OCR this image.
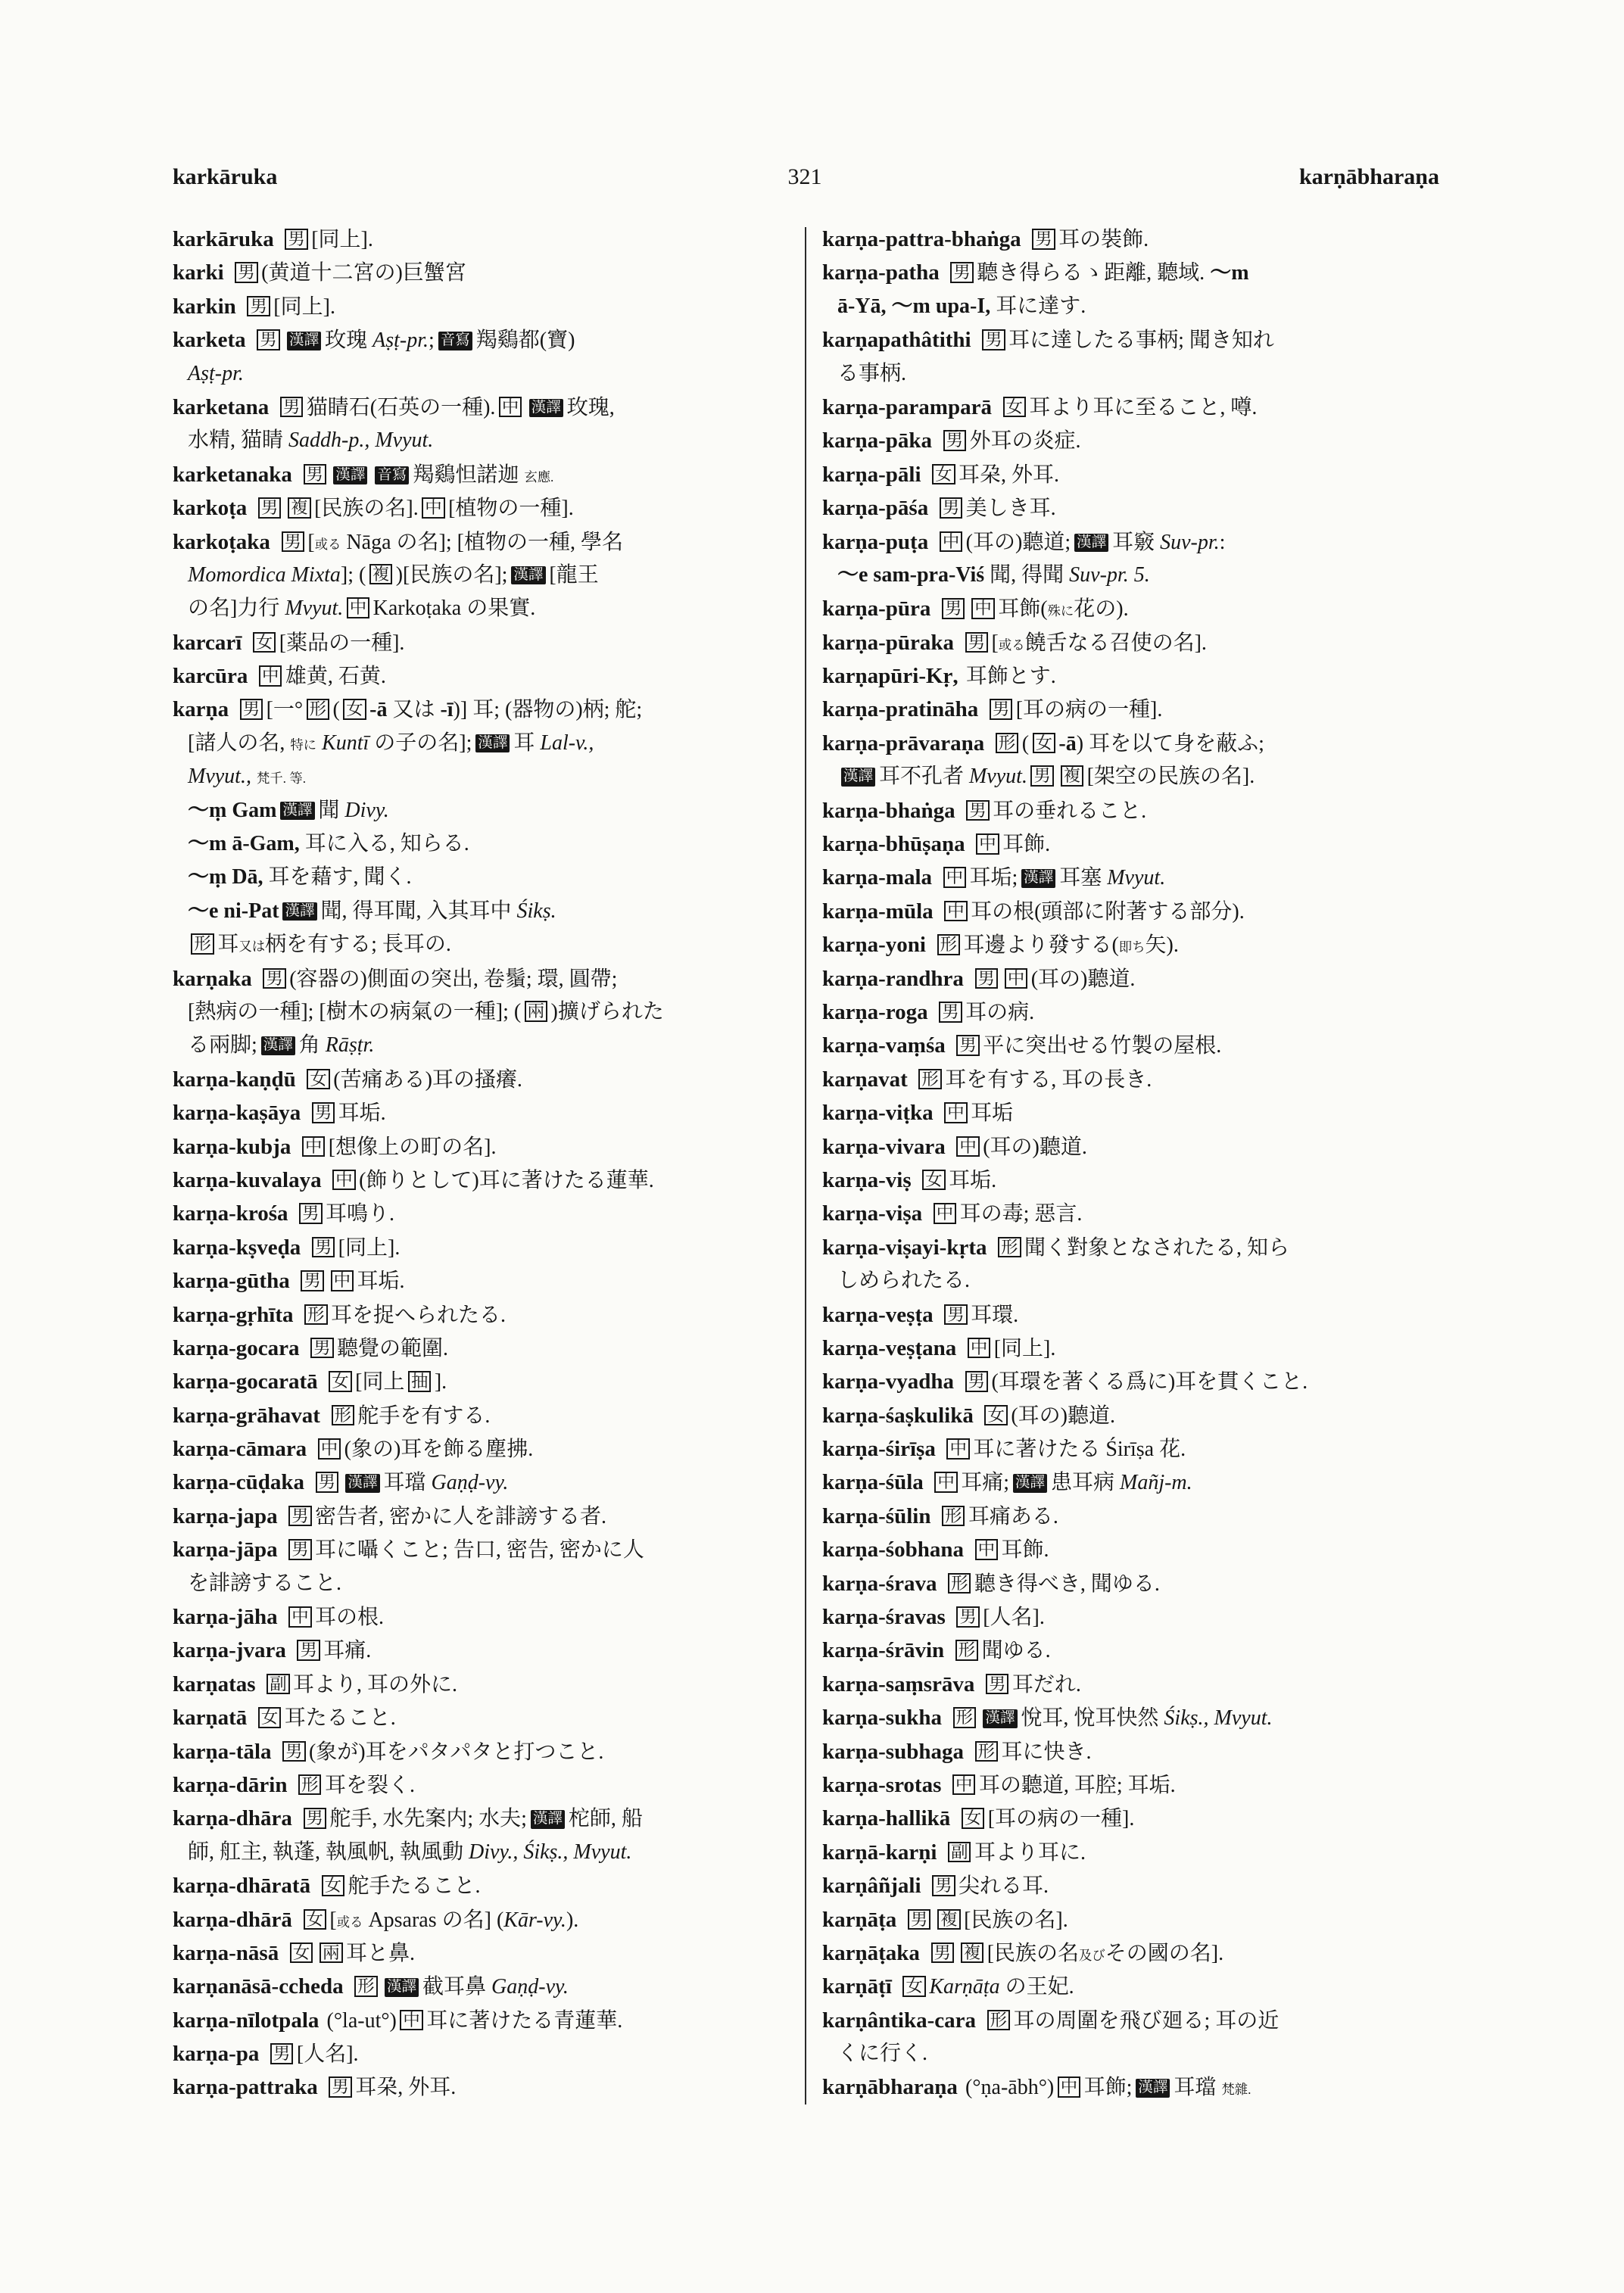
karkāruka	321	karṇābharaṇa
karkāruka 男 [同上].
karki 男 (黄道十二宮の)巨蟹宮
karkin 男 [同上].
karketa 男 漢譯 玫瑰 Aṣṭ-pr.; 音寫 羯鷄都(寶)
Aṣṭ-pr.
karketana 男 猫睛石(石英の一種). 中 漢譯 玫瑰,
水精, 猫睛 Saddh-p., Mvyut.
karketanaka 男 漢譯 音寫 羯鷄怛諾迦 玄應.
karkoṭa 男 複 [民族の名]. 中 [植物の一種].
karkoṭaka 男 [或る Nāga の名]; [植物の一種, 學名
Momordica Mixta]; ( 複 )[民族の名]; 漢譯 [龍王
の名]力行 Mvyut. 中 Karkoṭaka の果實.
karcarī 女 [薬品の一種].
karcūra 中 雄黄, 石黄.
karṇa 男 [一° 形 ( 女 -ā 又は -ī)] 耳; (器物の)柄; 舵;
[諸人の名, 特に Kuntī の子の名]; 漢譯 耳 Lal-v.,
Mvyut., 梵千. 等.
～ṃ Gam 漢譯 聞 Divy.
～m ā-Gam, 耳に入る, 知らる.
～ṃ Dā, 耳を藉す, 聞く.
～e ni-Pat 漢譯 聞, 得耳聞, 入其耳中 Śikṣ.
形 耳又は柄を有する; 長耳の.
karṇaka 男 (容器の)側面の突出, 卷鬚; 環, 圓帶;
[熱病の一種]; [樹木の病氣の一種]; ( 兩 )擴げられた
る兩脚; 漢譯 角 Rāṣṭr.
karṇa-kaṇḍū 女 (苦痛ある)耳の搔癢.
karṇa-kaṣāya 男 耳垢.
karṇa-kubja 中 [想像上の町の名].
karṇa-kuvalaya 中 (飾りとして)耳に著けたる蓮華.
karṇa-krośa 男 耳鳴り.
karṇa-kṣveḍa 男 [同上].
karṇa-gūtha 男 中 耳垢.
karṇa-gṛhīta 形 耳を捉へられたる.
karṇa-gocara 男 聽覺の範圍.
karṇa-gocaratā 女 [同上 抽 ].
karṇa-grāhavat 形 舵手を有する.
karṇa-cāmara 中 (象の)耳を飾る塵拂.
karṇa-cūḍaka 男 漢譯 耳璫 Gaṇḍ-vy.
karṇa-japa 男 密告者, 密かに人を誹謗する者.
karṇa-jāpa 男 耳に囁くこと; 告口, 密告, 密かに人
を誹謗すること.
karṇa-jāha 中 耳の根.
karṇa-jvara 男 耳痛.
karṇatas 副 耳より, 耳の外に.
karṇatā 女 耳たること.
karṇa-tāla 男 (象が)耳をパタパタと打つこと.
karṇa-dārin 形 耳を裂く.
karṇa-dhāra 男 舵手, 水先案内; 水夫; 漢譯 柁師, 船
師, 舡主, 執蓬, 執風帆, 執風動 Divy., Śikṣ., Mvyut.
karṇa-dhāratā 女 舵手たること.
karṇa-dhārā 女 [或る Apsaras の名] (Kār-vy.).
karṇa-nāsā 女 兩 耳と鼻.
karṇanāsā-ccheda 形 漢譯 截耳鼻 Gaṇḍ-vy.
karṇa-nīlotpala (°la-ut°) 中 耳に著けたる青蓮華.
karṇa-pa 男 [人名].
karṇa-pattraka 男 耳朶, 外耳.
karṇa-pattra-bhaṅga 男 耳の裝飾.
karṇa-patha 男 聽き得らるゝ距離, 聽域. ～m
ā-Yā, ～m upa-I, 耳に達す.
karṇapathâtithi 男 耳に達したる事柄; 聞き知れ
る事柄.
karṇa-paramparā 女 耳より耳に至ること, 噂.
karṇa-pāka 男 外耳の炎症.
karṇa-pāli 女 耳朶, 外耳.
karṇa-pāśa 男 美しき耳.
karṇa-puṭa 中 (耳の)聽道; 漢譯 耳竅 Suv-pr.:
～e sam-pra-Viś 聞, 得聞 Suv-pr. 5.
karṇa-pūra 男 中 耳飾(殊に花の).
karṇa-pūraka 男 [或る饒舌なる召使の名].
karṇapūri-Kṛ, 耳飾とす.
karṇa-pratināha 男 [耳の病の一種].
karṇa-prāvaraṇa 形 ( 女 -ā) 耳を以て身を蔽ふ;
漢譯 耳不孔者 Mvyut. 男 複 [架空の民族の名].
karṇa-bhaṅga 男 耳の垂れること.
karṇa-bhūṣaṇa 中 耳飾.
karṇa-mala 中 耳垢; 漢譯 耳塞 Mvyut.
karṇa-mūla 中 耳の根(頭部に附著する部分).
karṇa-yoni 形 耳邊より發する(即ち矢).
karṇa-randhra 男 中 (耳の)聽道.
karṇa-roga 男 耳の病.
karṇa-vaṃśa 男 平に突出せる竹製の屋根.
karṇavat 形 耳を有する, 耳の長き.
karṇa-viṭka 中 耳垢
karṇa-vivara 中 (耳の)聽道.
karṇa-viṣ 女 耳垢.
karṇa-viṣa 中 耳の毒; 惡言.
karṇa-viṣayi-kṛta 形 聞く對象となされたる, 知ら
しめられたる.
karṇa-veṣṭa 男 耳環.
karṇa-veṣṭana 中 [同上].
karṇa-vyadha 男 (耳環を著くる爲に)耳を貫くこと.
karṇa-śaṣkulikā 女 (耳の)聽道.
karṇa-śirīṣa 中 耳に著けたる Śirīṣa 花.
karṇa-śūla 中 耳痛; 漢譯 患耳病 Mañj-m.
karṇa-śūlin 形 耳痛ある.
karṇa-śobhana 中 耳飾.
karṇa-śrava 形 聽き得べき, 聞ゆる.
karṇa-śravas 男 [人名].
karṇa-śrāvin 形 聞ゆる.
karṇa-saṃsrāva 男 耳だれ.
karṇa-sukha 形 漢譯 悅耳, 悅耳快然 Śikṣ., Mvyut.
karṇa-subhaga 形 耳に快き.
karṇa-srotas 中 耳の聽道, 耳腔; 耳垢.
karṇa-hallikā 女 [耳の病の一種].
karṇā-karṇi 副 耳より耳に.
karṇâñjali 男 尖れる耳.
karṇāṭa 男 複 [民族の名].
karṇāṭaka 男 複 [民族の名及びその國の名].
karṇāṭī 女 Karṇāṭa の王妃.
karṇântika-cara 形 耳の周圍を飛び廻る; 耳の近
くに行く.
karṇābharaṇa (°ṇa-ābh°) 中 耳飾; 漢譯 耳璫 梵雜.
